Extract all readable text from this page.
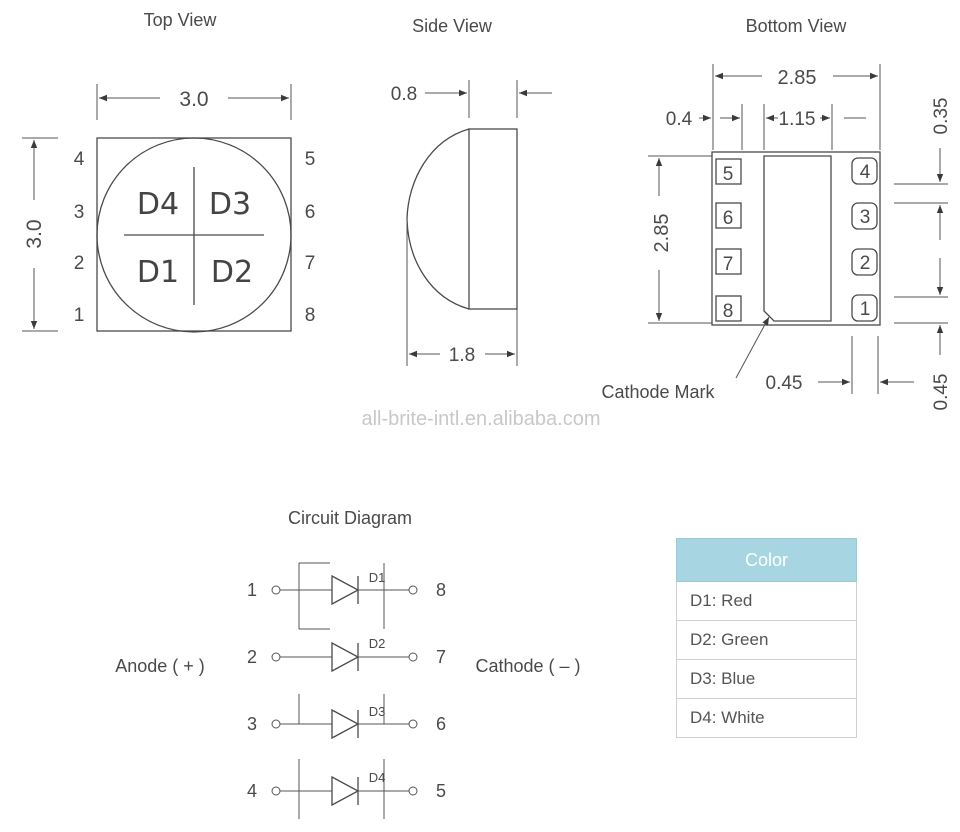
Top View
3.0
3.0
D4 D3
D1 D2
4
3
2
1
5
6
7
8
Side View
0.8
1.8
Bottom View
2.85
0.4	1.15
2.85
5
6
7
8
4
3
2
1
0.35
0.45
0.45
Cathode Mark
all-brite-intl.en.alibaba.com
Circuit Diagram
Anode ( + )	Cathode ( – )
1
D1
8
2
D2
7
3
D3
6
4
D4
5
Color
D1: Red
D2: Green
D3: Blue
D4: White
